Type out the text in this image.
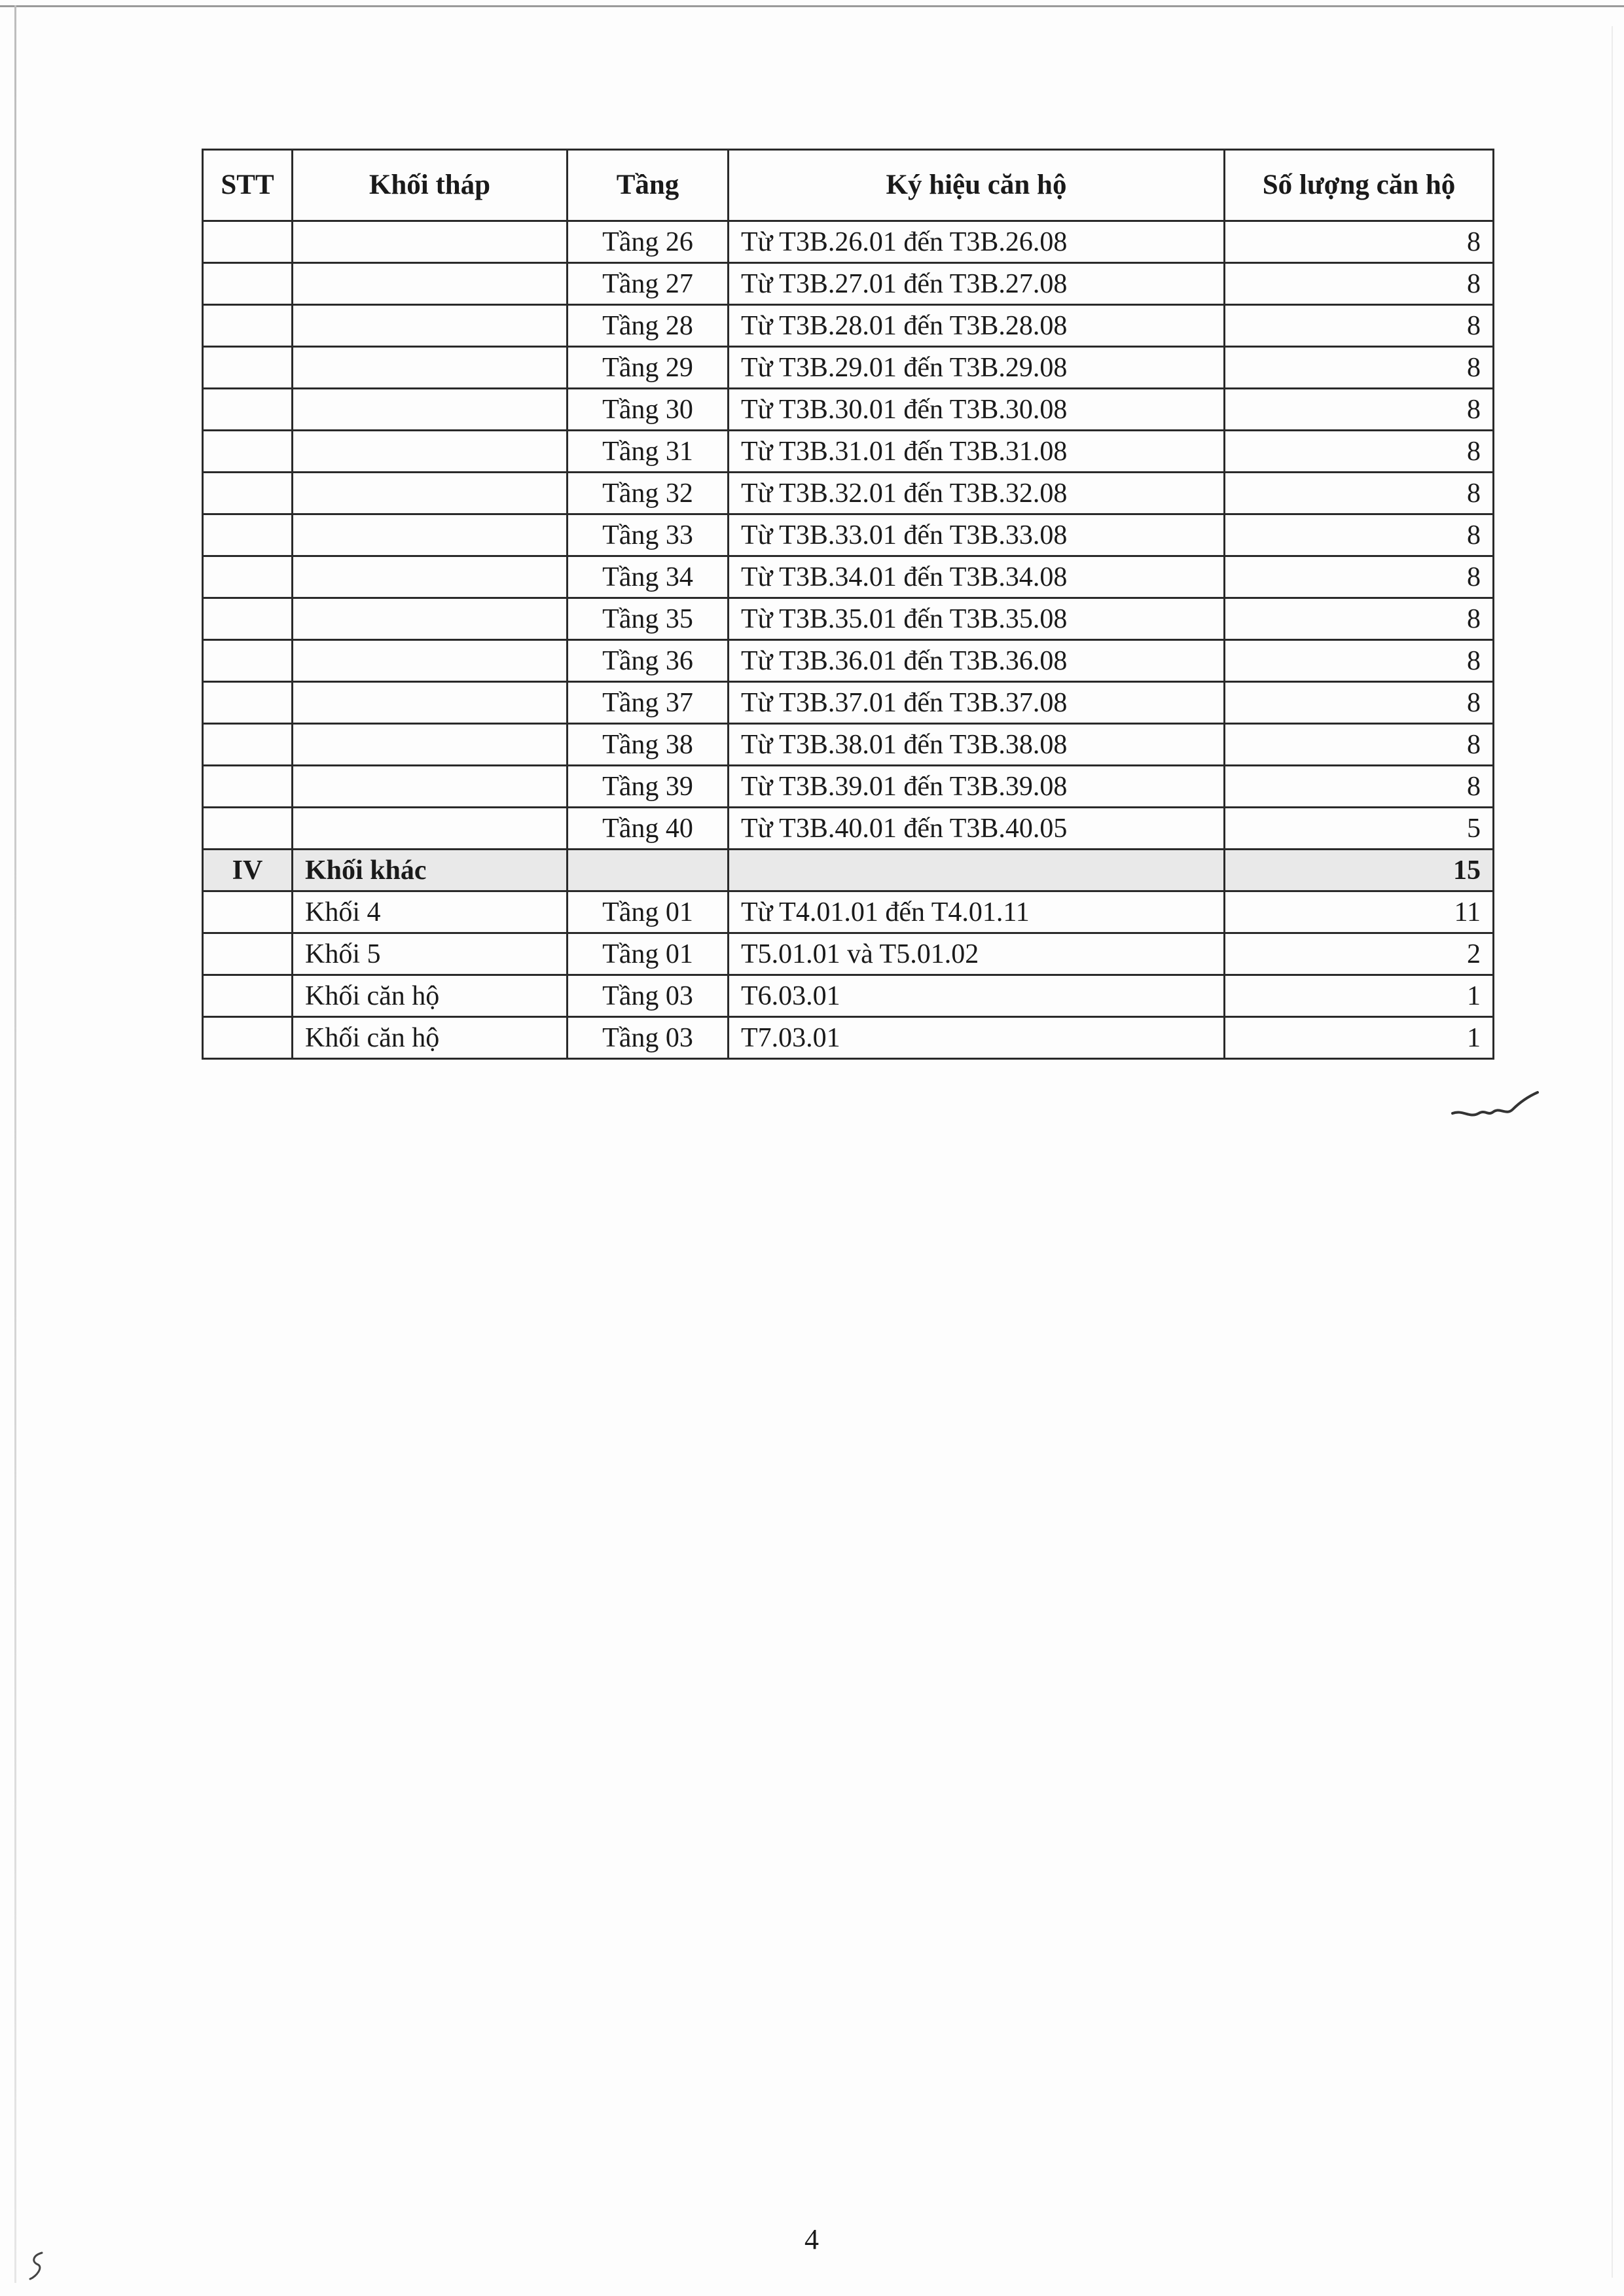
STT	Khối tháp	Tầng	Ký hiệu căn hộ	Số lượng căn hộ
		Tầng 26	Từ T3B.26.01 đến T3B.26.08	8
		Tầng 27	Từ T3B.27.01 đến T3B.27.08	8
		Tầng 28	Từ T3B.28.01 đến T3B.28.08	8
		Tầng 29	Từ T3B.29.01 đến T3B.29.08	8
		Tầng 30	Từ T3B.30.01 đến T3B.30.08	8
		Tầng 31	Từ T3B.31.01 đến T3B.31.08	8
		Tầng 32	Từ T3B.32.01 đến T3B.32.08	8
		Tầng 33	Từ T3B.33.01 đến T3B.33.08	8
		Tầng 34	Từ T3B.34.01 đến T3B.34.08	8
		Tầng 35	Từ T3B.35.01 đến T3B.35.08	8
		Tầng 36	Từ T3B.36.01 đến T3B.36.08	8
		Tầng 37	Từ T3B.37.01 đến T3B.37.08	8
		Tầng 38	Từ T3B.38.01 đến T3B.38.08	8
		Tầng 39	Từ T3B.39.01 đến T3B.39.08	8
		Tầng 40	Từ T3B.40.01 đến T3B.40.05	5
IV	Khối khác			15
	Khối 4	Tầng 01	Từ T4.01.01 đến T4.01.11	11
	Khối 5	Tầng 01	T5.01.01 và T5.01.02	2
	Khối căn hộ	Tầng 03	T6.03.01	1
	Khối căn hộ	Tầng 03	T7.03.01	1
4
